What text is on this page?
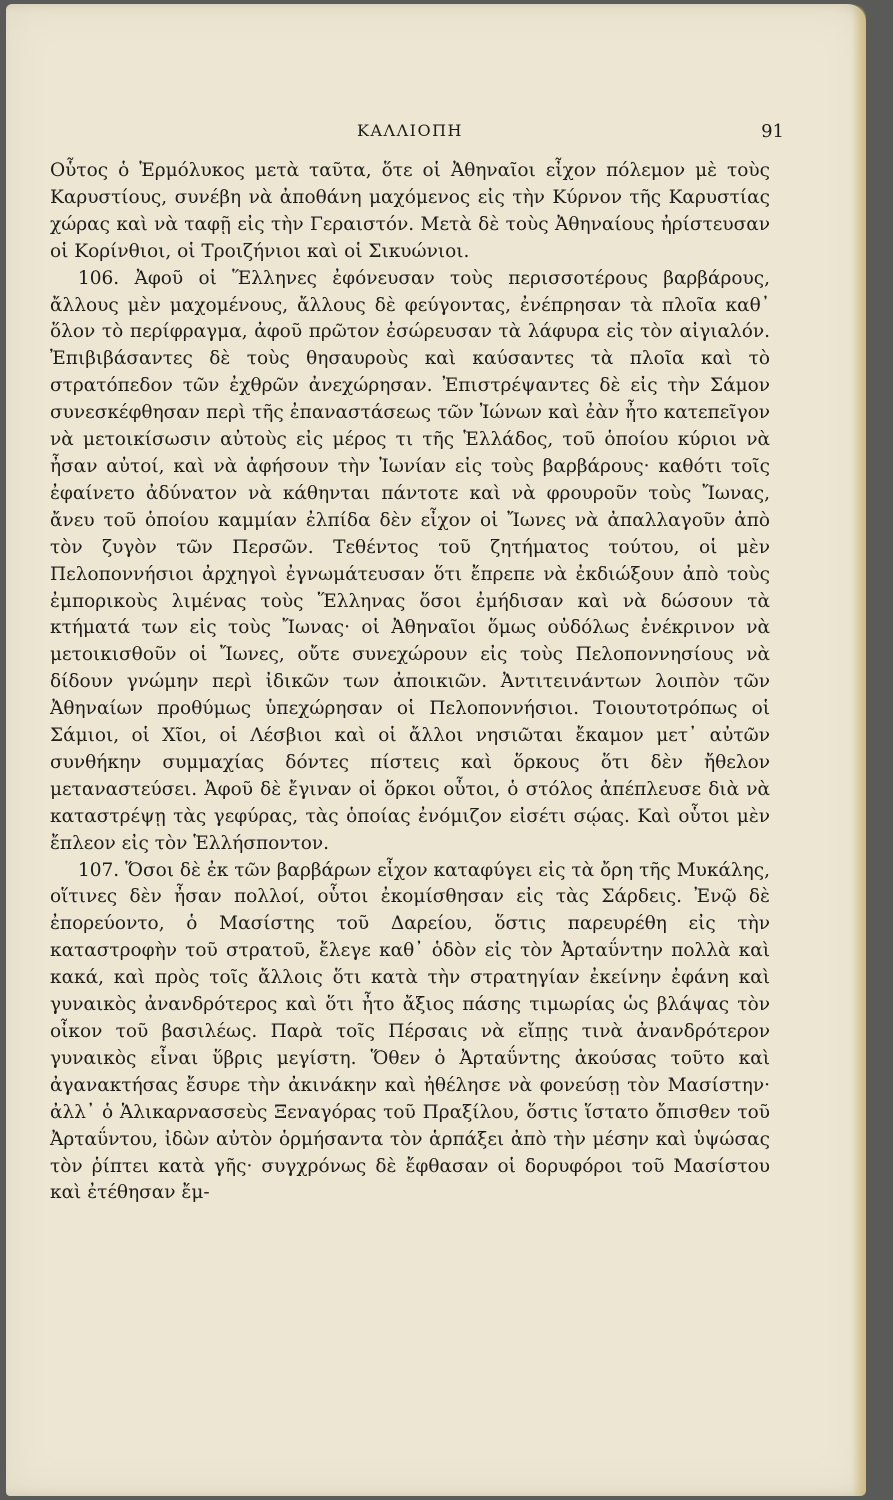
ΚΑΛΛΙΟΠΗ	91

Οὗτος ὁ Ἑρμόλυκος μετὰ ταῦτα, ὅτε οἱ Ἀθηναῖοι εἶχον πόλεμον μὲ τοὺς Καρυστίους, συνέβη νὰ ἀποθάνη μαχόμενος εἰς τὴν Κύρνον τῆς Καρυστίας χώρας καὶ νὰ ταφῇ εἰς τὴν Γεραιστόν. Μετὰ δὲ τοὺς Ἀθηναίους ἠρίστευσαν οἱ Κορίνθιοι, οἱ Τροιζήνιοι καὶ οἱ Σικυώνιοι.

106. Ἀφοῦ οἱ Ἕλληνες ἐφόνευσαν τοὺς περισσοτέρους βαρβάρους, ἄλλους μὲν μαχομένους, ἄλλους δὲ φεύγοντας, ἐνέπρησαν τὰ πλοῖα καθ᾿ ὅλον τὸ περίφραγμα, ἀφοῦ πρῶτον ἐσώρευσαν τὰ λάφυρα εἰς τὸν αἰγιαλόν. Ἐπιβιβάσαντες δὲ τοὺς θησαυροὺς καὶ καύσαντες τὰ πλοῖα καὶ τὸ στρατόπεδον τῶν ἐχθρῶν ἀνεχώρησαν. Ἐπιστρέψαντες δὲ εἰς τὴν Σάμον συνεσκέφθησαν περὶ τῆς ἐπαναστάσεως τῶν Ἰώνων καὶ ἐὰν ἦτο κατεπεῖγον νὰ μετοικίσωσιν αὐτοὺς εἰς μέρος τι τῆς Ἑλλάδος, τοῦ ὁποίου κύριοι νὰ ἦσαν αὐτοί, καὶ νὰ ἀφήσουν τὴν Ἰωνίαν εἰς τοὺς βαρβάρους· καθότι τοῖς ἐφαίνετο ἀδύνατον νὰ κάθηνται πάντοτε καὶ νὰ φρουροῦν τοὺς Ἴωνας, ἄνευ τοῦ ὁποίου καμμίαν ἐλπίδα δὲν εἶχον οἱ Ἴωνες νὰ ἀπαλλαγοῦν ἀπὸ τὸν ζυγὸν τῶν Περσῶν. Τεθέντος τοῦ ζητήματος τούτου, οἱ μὲν Πελοποννήσιοι ἀρχηγοὶ ἐγνωμάτευσαν ὅτι ἔπρεπε νὰ ἐκδιώξουν ἀπὸ τοὺς ἐμπορικοὺς λιμένας τοὺς Ἕλληνας ὅσοι ἐμήδισαν καὶ νὰ δώσουν τὰ κτήματά των εἰς τοὺς Ἴωνας· οἱ Ἀθηναῖοι ὅμως οὐδόλως ἐνέκρινον νὰ μετοικισθοῦν οἱ Ἴωνες, οὔτε συνεχώρουν εἰς τοὺς Πελοποννησίους νὰ δίδουν γνώμην περὶ ἰδικῶν των ἀποικιῶν. Ἀντιτεινάντων λοιπὸν τῶν Ἀθηναίων προθύμως ὑπεχώρησαν οἱ Πελοποννήσιοι. Τοιουτοτρόπως οἱ Σάμιοι, οἱ Χῖοι, οἱ Λέσβιοι καὶ οἱ ἄλλοι νησιῶται ἔκαμον μετ᾿ αὐτῶν συνθήκην συμμαχίας δόντες πίστεις καὶ ὅρκους ὅτι δὲν ἤθελον μεταναστεύσει. Ἀφοῦ δὲ ἔγιναν οἱ ὅρκοι οὗτοι, ὁ στόλος ἀπέπλευσε διὰ νὰ καταστρέψῃ τὰς γεφύρας, τὰς ὁποίας ἐνόμιζον εἰσέτι σῴας. Καὶ οὗτοι μὲν ἔπλεον εἰς τὸν Ἑλλήσποντον.

107. Ὅσοι δὲ ἐκ τῶν βαρβάρων εἶχον καταφύγει εἰς τὰ ὄρη τῆς Μυκάλης, οἵτινες δὲν ἦσαν πολλοί, οὗτοι ἐκομίσθησαν εἰς τὰς Σάρδεις. Ἐνῷ δὲ ἐπορεύοντο, ὁ Μασίστης τοῦ Δαρείου, ὅστις παρευρέθη εἰς τὴν καταστροφὴν τοῦ στρατοῦ, ἔλεγε καθ᾿ ὁδὸν εἰς τὸν Ἀρταΰντην πολλὰ καὶ κακά, καὶ πρὸς τοῖς ἄλλοις ὅτι κατὰ τὴν στρατηγίαν ἐκείνην ἐφάνη καὶ γυναικὸς ἀνανδρότερος καὶ ὅτι ἦτο ἄξιος πάσης τιμωρίας ὡς βλάψας τὸν οἶκον τοῦ βασιλέως. Παρὰ τοῖς Πέρσαις νὰ εἴπῃς τινὰ ἀνανδρότερον γυναικὸς εἶναι ὕβρις μεγίστη. Ὅθεν ὁ Ἀρταΰντης ἀκούσας τοῦτο καὶ ἀγανακτήσας ἔσυρε τὴν ἀκινάκην καὶ ἠθέλησε νὰ φονεύσῃ τὸν Μασίστην· ἀλλ᾿ ὁ Ἁλικαρνασσεὺς Ξεναγόρας τοῦ Πραξίλου, ὅστις ἵστατο ὄπισθεν τοῦ Ἀρταΰντου, ἰδὼν αὐτὸν ὁρμήσαντα τὸν ἁρπάξει ἀπὸ τὴν μέσην καὶ ὑψώσας τὸν ῥίπτει κατὰ γῆς· συγχρόνως δὲ ἔφθασαν οἱ δορυφόροι τοῦ Μασίστου καὶ ἐτέθησαν ἔμ-
